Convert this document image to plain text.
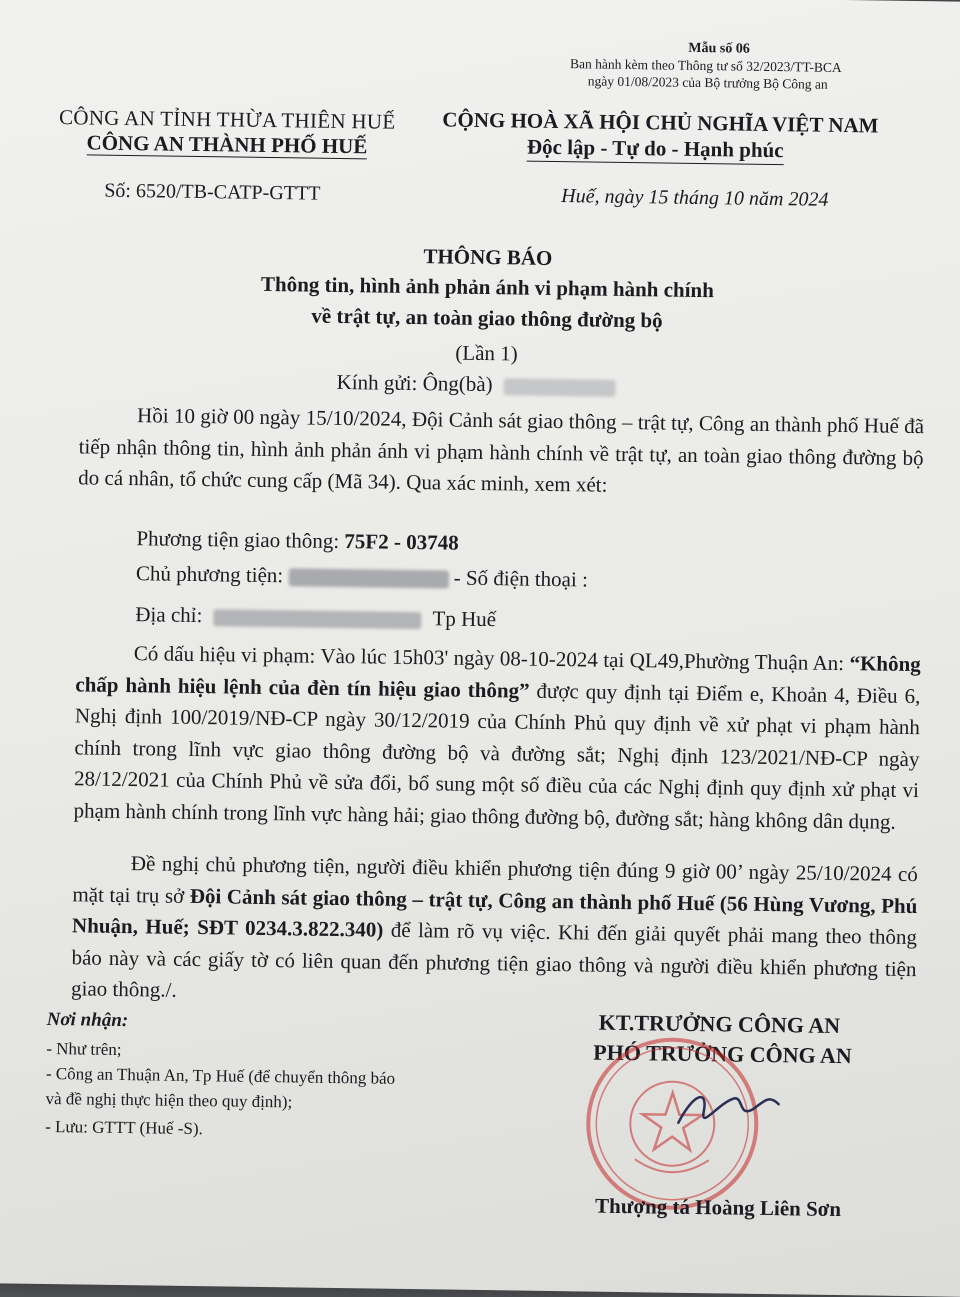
Mẫu số 06
Ban hành kèm theo Thông tư số 32/2023/TT-BCA
ngày 01/08/2023 của Bộ trưởng Bộ Công an
CÔNG AN TỈNH THỪA THIÊN HUẾ
CÔNG AN THÀNH PHỐ HUẾ
CỘNG HOÀ XÃ HỘI CHỦ NGHĨA VIỆT NAM
Độc lập - Tự do - Hạnh phúc
Số: 6520/TB-CATP-GTTT	Huế, ngày 15 tháng 10 năm 2024
THÔNG BÁO
Thông tin, hình ảnh phản ánh vi phạm hành chính
về trật tự, an toàn giao thông đường bộ
(Lần 1)
Kính gửi: Ông(bà)
Hồi 10 giờ 00 ngày 15/10/2024, Đội Cảnh sát giao thông – trật tự, Công an thành phố Huế đã tiếp nhận thông tin, hình ảnh phản ánh vi phạm hành chính về trật tự, an toàn giao thông đường bộ do cá nhân, tổ chức cung cấp (Mã 34). Qua xác minh, xem xét:
Phương tiện giao thông: 75F2 - 03748
Chủ phương tiện:	- Số điện thoại :
Địa chỉ:	Tp Huế
Có dấu hiệu vi phạm: Vào lúc 15h03' ngày 08-10-2024 tại QL49,Phường Thuận An: “Không chấp hành hiệu lệnh của đèn tín hiệu giao thông” được quy định tại Điểm e, Khoản 4, Điều 6, Nghị định 100/2019/NĐ-CP ngày 30/12/2019 của Chính Phủ quy định về xử phạt vi phạm hành chính trong lĩnh vực giao thông đường bộ và đường sắt; Nghị định 123/2021/NĐ-CP ngày 28/12/2021 của Chính Phủ về sửa đổi, bổ sung một số điều của các Nghị định quy định xử phạt vi phạm hành chính trong lĩnh vực hàng hải; giao thông đường bộ, đường sắt; hàng không dân dụng.
Đề nghị chủ phương tiện, người điều khiển phương tiện đúng 9 giờ 00’ ngày 25/10/2024 có mặt tại trụ sở Đội Cảnh sát giao thông – trật tự, Công an thành phố Huế (56 Hùng Vương, Phú Nhuận, Huế; SĐT 0234.3.822.340) để làm rõ vụ việc. Khi đến giải quyết phải mang theo thông báo này và các giấy tờ có liên quan đến phương tiện giao thông và người điều khiển phương tiện giao thông./.
Nơi nhận:
- Như trên;
- Công an Thuận An, Tp Huế (để chuyển thông báo
và đề nghị thực hiện theo quy định);
- Lưu: GTTT (Huế -S).
KT.TRƯỞNG CÔNG AN
PHÓ TRƯỞNG CÔNG AN
Thượng tá Hoàng Liên Sơn
